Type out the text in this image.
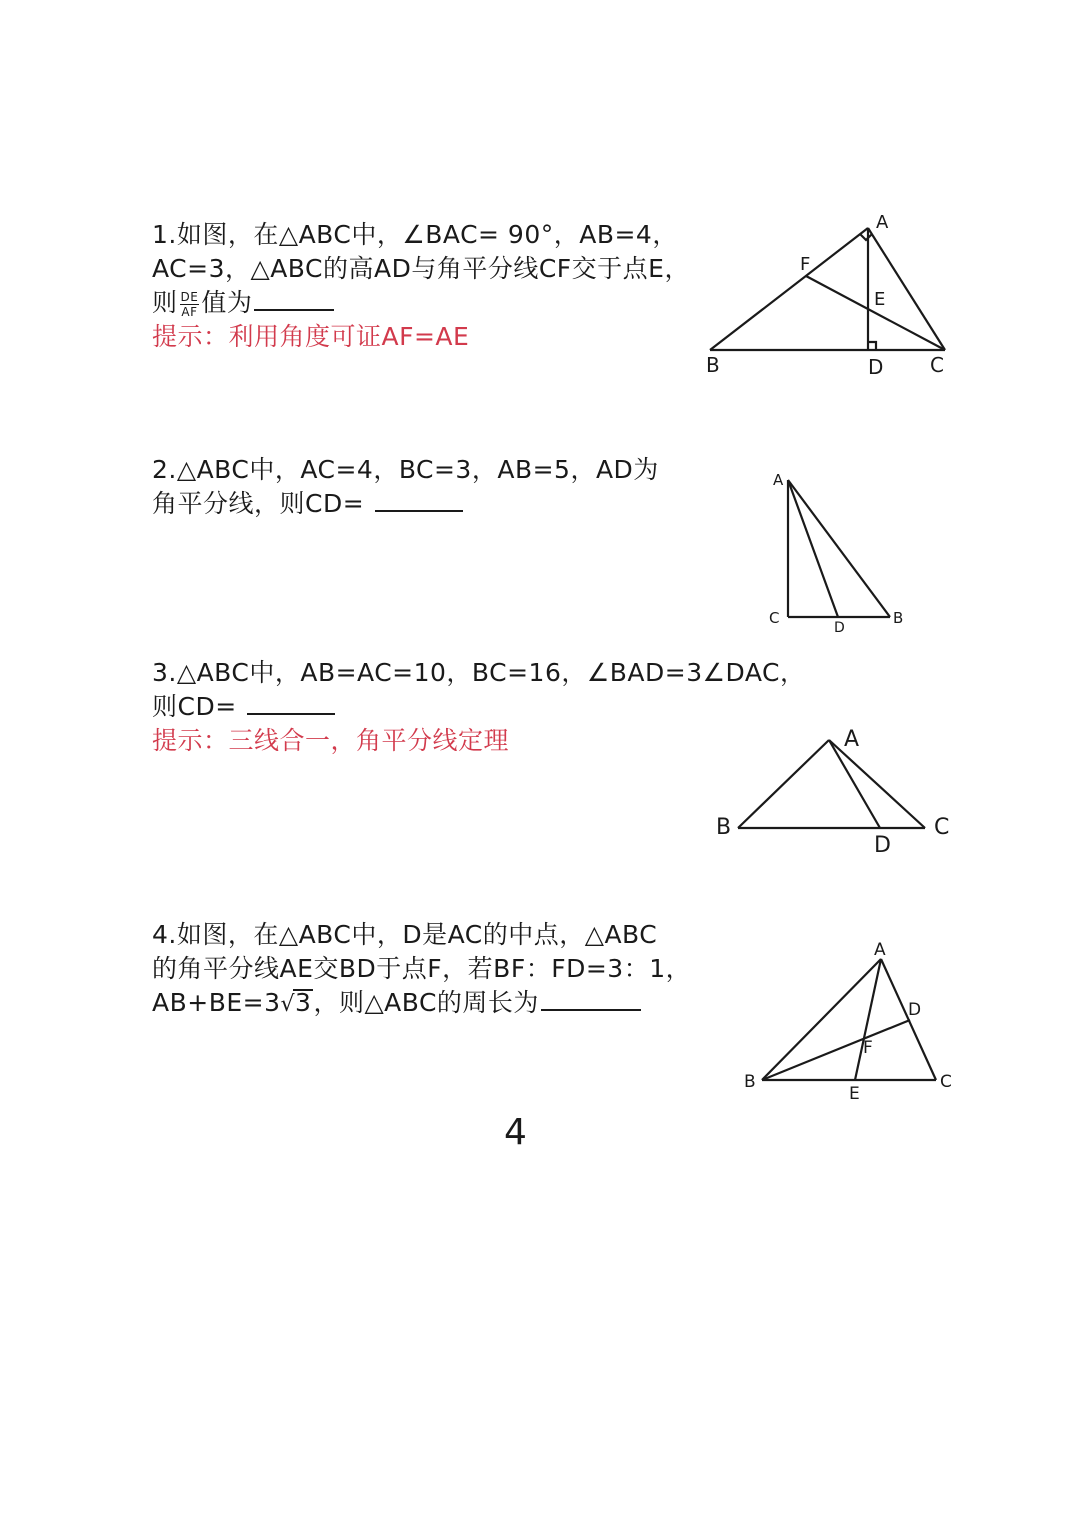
1.如图，在△ABC中，∠BAC= 90°，AB=4，
AC=3，△ABC的高AD与角平分线CF交于点E，
则 $\frac{DE}{AF}$ 值为
提示：利用角度可证AF=AE
A
B	C
D
E
F
2.△ABC中，AC=4，BC=3，AB=5，AD为
角平分线，则CD=
A
C
D
B
3.△ABC中，AB=AC=10，BC=16，∠BAD=3∠DAC，
则CD=
提示：三线合一，角平分线定理	A
B	C
D
4.如图，在△ABC中，D是AC的中点，△ABC
的角平分线AE交BD于点F，若BF：FD=3：1，
AB+BE=3√3，则△ABC的周长为
A
B	C
D
E
F
4
